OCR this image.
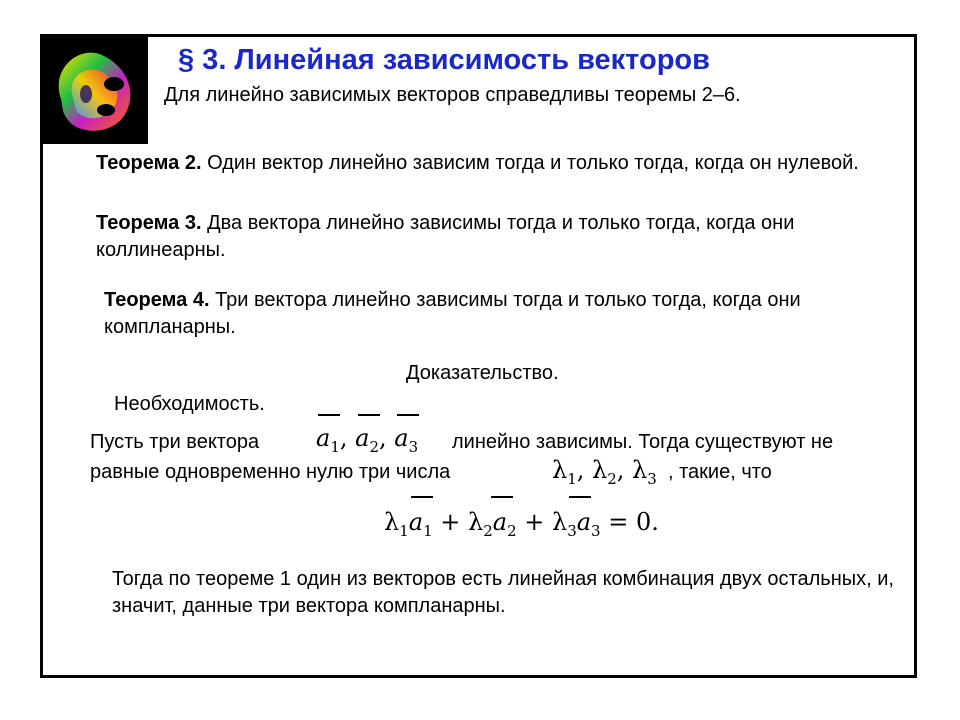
§ 3. Линейная зависимость векторов
Для линейно зависимых векторов справедливы теоремы 2–6.
Теорема 2. Один вектор линейно зависим тогда и только тогда, когда он нулевой.
Теорема 3. Два вектора линейно зависимы тогда и только тогда, когда они коллинеарны.
Теорема 4. Три вектора линейно зависимы тогда и только тогда, когда они компланарны.
Доказательство.
Необходимость.
Пусть три вектора $a_1$, $a_2$, $a_3$ линейно зависимы. Тогда существуют не
равные одновременно нулю три числа	$\lambda_1$, $\lambda_2$, $\lambda_3$ , такие, что
$\lambda_1a_1 + \lambda_2a_2 + \lambda_3a_3 = 0$.
Тогда по теореме 1 один из векторов есть линейная комбинация двух остальных, и, значит, данные три вектора компланарны.
